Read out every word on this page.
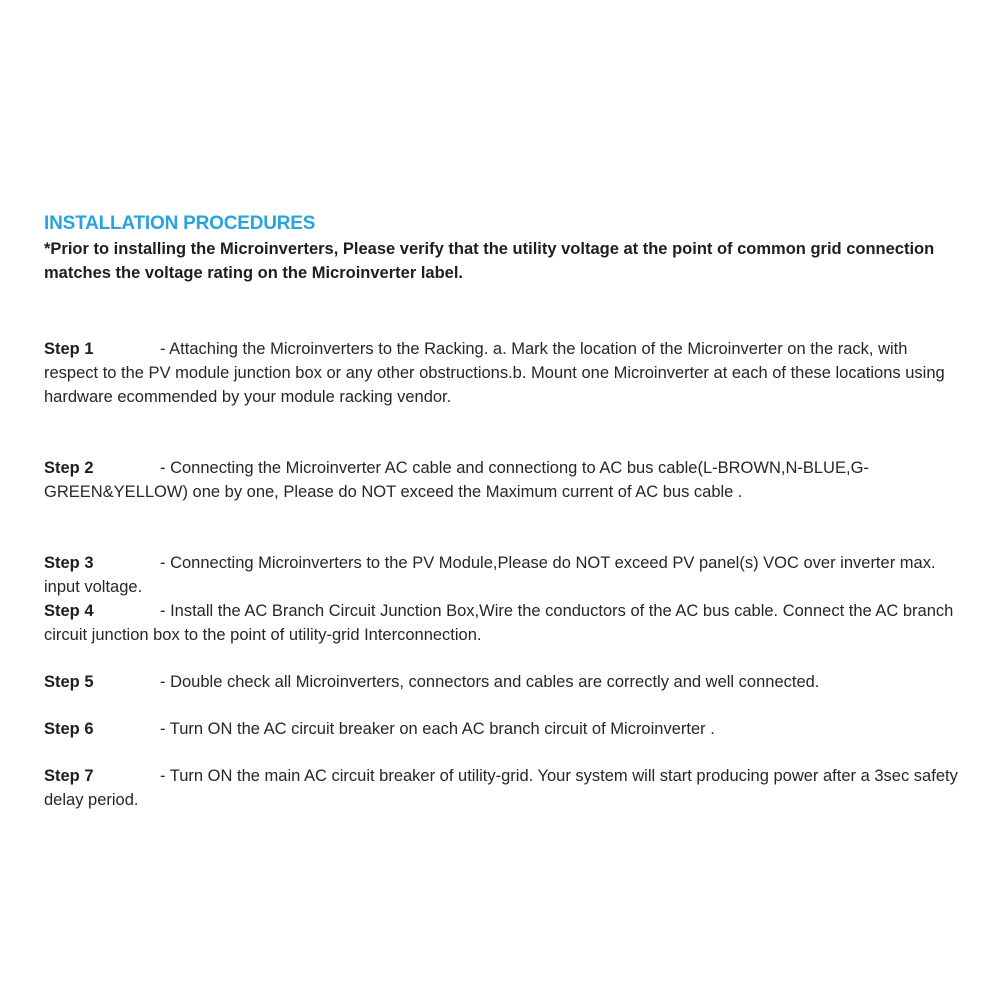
INSTALLATION PROCEDURES

*Prior to installing the Microinverters, Please verify that the utility voltage at the point of common grid connection matches the voltage rating on the Microinverter label.

Step 1	- Attaching the Microinverters to the Racking. a. Mark the location of the Microinverter on the rack, with respect to the PV module junction box or any other obstructions.b. Mount one Microinverter at each of these locations using hardware ecommended by your module racking vendor.

Step 2	- Connecting the Microinverter AC cable and connectiong to AC bus cable(L-BROWN,N-BLUE,G-GREEN&YELLOW) one by one, Please do NOT exceed the Maximum current of AC bus cable .

Step 3	- Connecting Microinverters to the PV Module,Please do NOT exceed PV panel(s) VOC over inverter max. input voltage.

Step 4	- Install the AC Branch Circuit Junction Box,Wire the conductors of the AC bus cable. Connect the AC branch circuit junction box to the point of utility-grid Interconnection.

Step 5	- Double check all Microinverters, connectors and cables are correctly and well connected.

Step 6	- Turn ON the AC circuit breaker on each AC branch circuit of Microinverter .

Step 7	- Turn ON the main AC circuit breaker of utility-grid. Your system will start producing power after a 3sec safety delay period.
